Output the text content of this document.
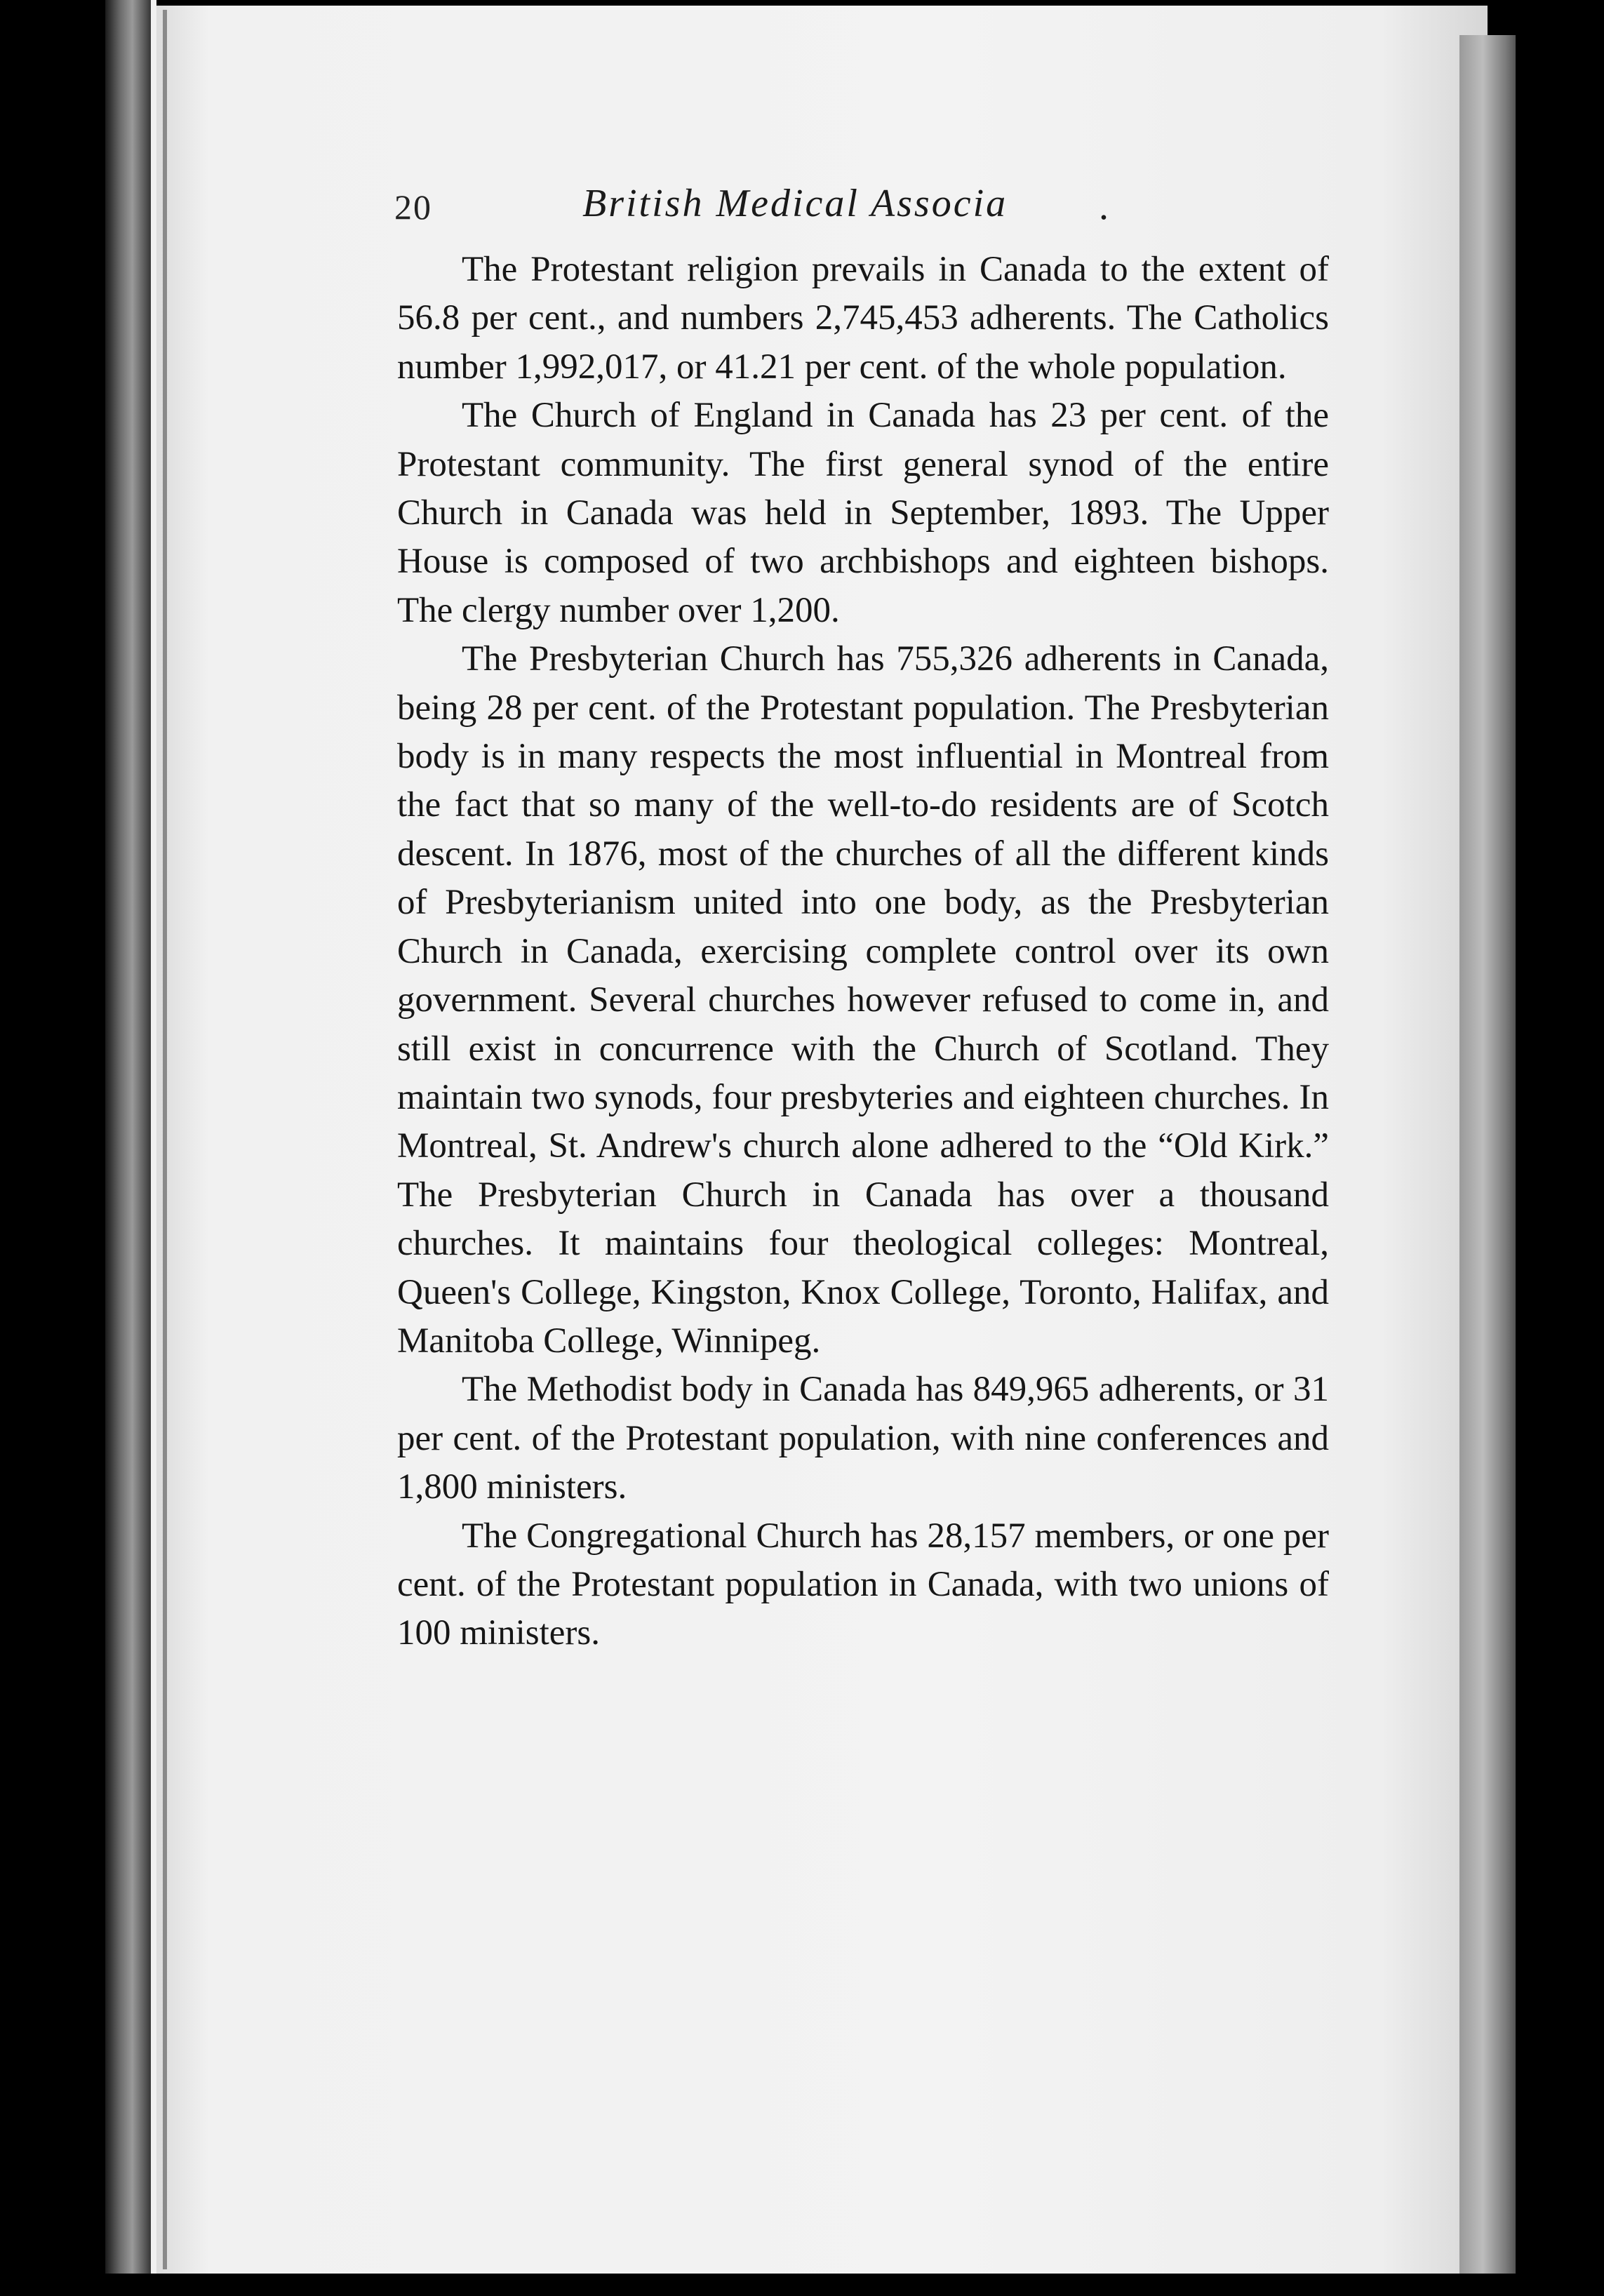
20	British Medical Associa .

The Protestant religion prevails in Canada to the extent of 56.8 per cent., and numbers 2,745,453 adherents. The Catholics number 1,992,017, or 41.21 per cent. of the whole population.

The Church of England in Canada has 23 per cent. of the Protestant community. The first general synod of the entire Church in Canada was held in September, 1893. The Upper House is composed of two archbishops and eighteen bishops. The clergy number over 1,200.

The Presbyterian Church has 755,326 adherents in Canada, being 28 per cent. of the Protestant population. The Presbyterian body is in many respects the most influential in Montreal from the fact that so many of the well-to-do residents are of Scotch descent. In 1876, most of the churches of all the different kinds of Presbyterianism united into one body, as the Presbyterian Church in Canada, exercising complete control over its own government. Several churches however refused to come in, and still exist in concurrence with the Church of Scotland. They maintain two synods, four presbyteries and eighteen churches. In Montreal, St. Andrew's church alone adhered to the “Old Kirk.” The Presbyterian Church in Canada has over a thousand churches. It maintains four theological colleges: Montreal, Queen's College, Kingston, Knox College, Toronto, Halifax, and Manitoba College, Winnipeg.

The Methodist body in Canada has 849,965 adherents, or 31 per cent. of the Protestant population, with nine conferences and 1,800 ministers.

The Congregational Church has 28,157 members, or one per cent. of the Protestant population in Canada, with two unions of 100 ministers.
